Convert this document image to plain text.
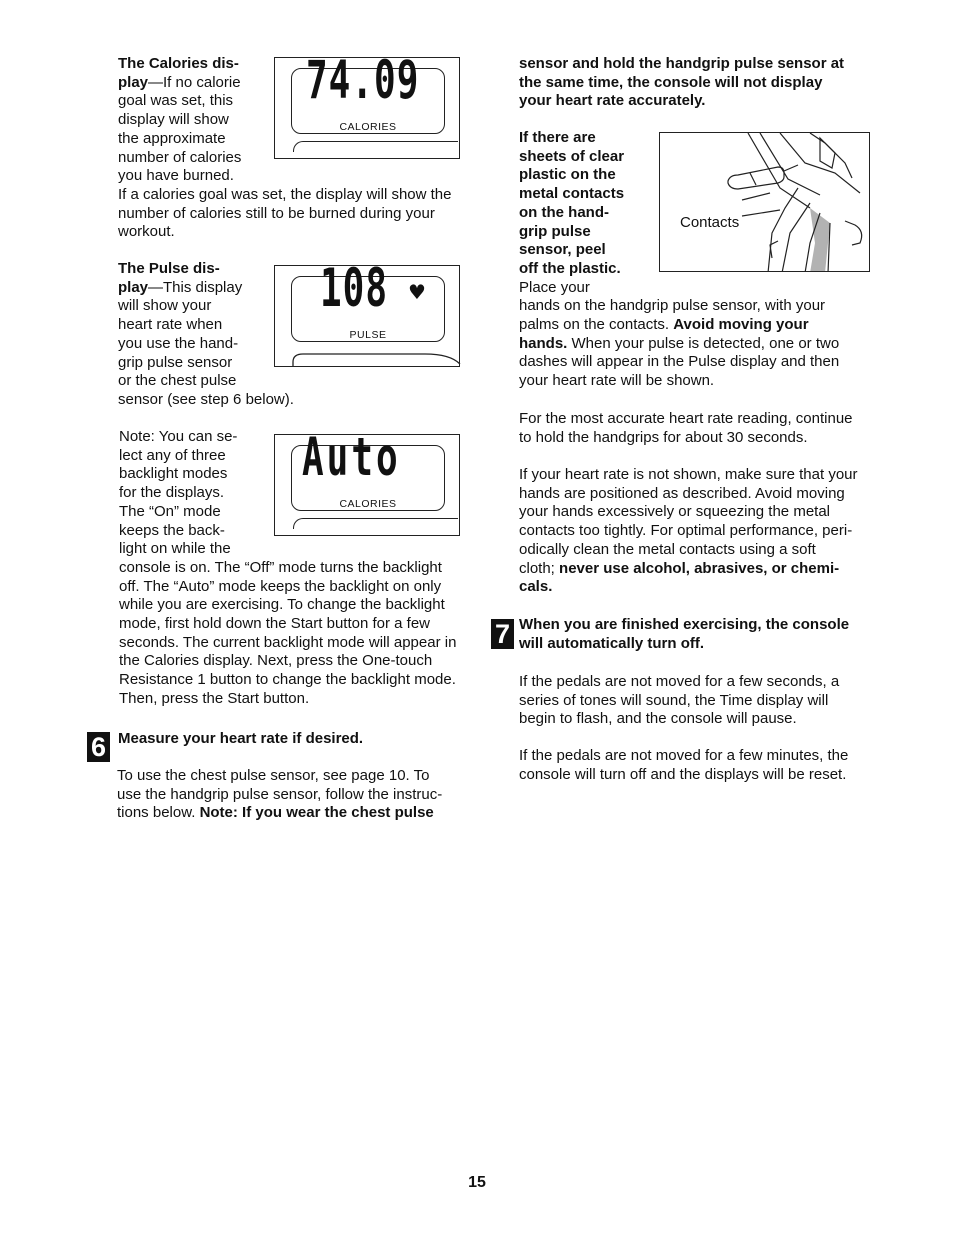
The Calories dis-

play—If no calorie

goal was set, this

display will show

the approximate

number of calories

you have burned.

If a calories goal was set, the display will show the

number of calories still to be burned during your

workout.

74.09
CALORIES

The Pulse dis-

play—This display

will show your

heart rate when

you use the hand-

grip pulse sensor

or the chest pulse

sensor (see step 6 below).

108 ♥
PULSE

Note: You can se-

lect any of three

backlight modes

for the displays.

The “On” mode

keeps the back-

light on while the

console is on. The “Off” mode turns the backlight

off. The “Auto” mode keeps the backlight on only

while you are exercising. To change the backlight

mode, first hold down the Start button for a few

seconds. The current backlight mode will appear in

the Calories display. Next, press the One-touch

Resistance 1 button to change the backlight mode.

Then, press the Start button.

Auto
CALORIES
6 Measure your heart rate if desired.

To use the chest pulse sensor, see page 10. To

use the handgrip pulse sensor, follow the instruc-

tions below. Note: If you wear the chest pulse

sensor and hold the handgrip pulse sensor at

the same time, the console will not display

your heart rate accurately.

If there are

sheets of clear

plastic on the

metal contacts

on the hand-

grip pulse

sensor, peel

off the plastic.

Place your

hands on the handgrip pulse sensor, with your

palms on the contacts. Avoid moving your

hands. When your pulse is detected, one or two

dashes will appear in the Pulse display and then

your heart rate will be shown.

Contacts

For the most accurate heart rate reading, continue

to hold the handgrips for about 30 seconds.

If your heart rate is not shown, make sure that your

hands are positioned as described. Avoid moving

your hands excessively or squeezing the metal

contacts too tightly. For optimal performance, peri-

odically clean the metal contacts using a soft

cloth; never use alcohol, abrasives, or chemi-

cals.

7 When you are finished exercising, the console

will automatically turn off.

If the pedals are not moved for a few seconds, a

series of tones will sound, the Time display will

begin to flash, and the console will pause.

If the pedals are not moved for a few minutes, the

console will turn off and the displays will be reset.

15
